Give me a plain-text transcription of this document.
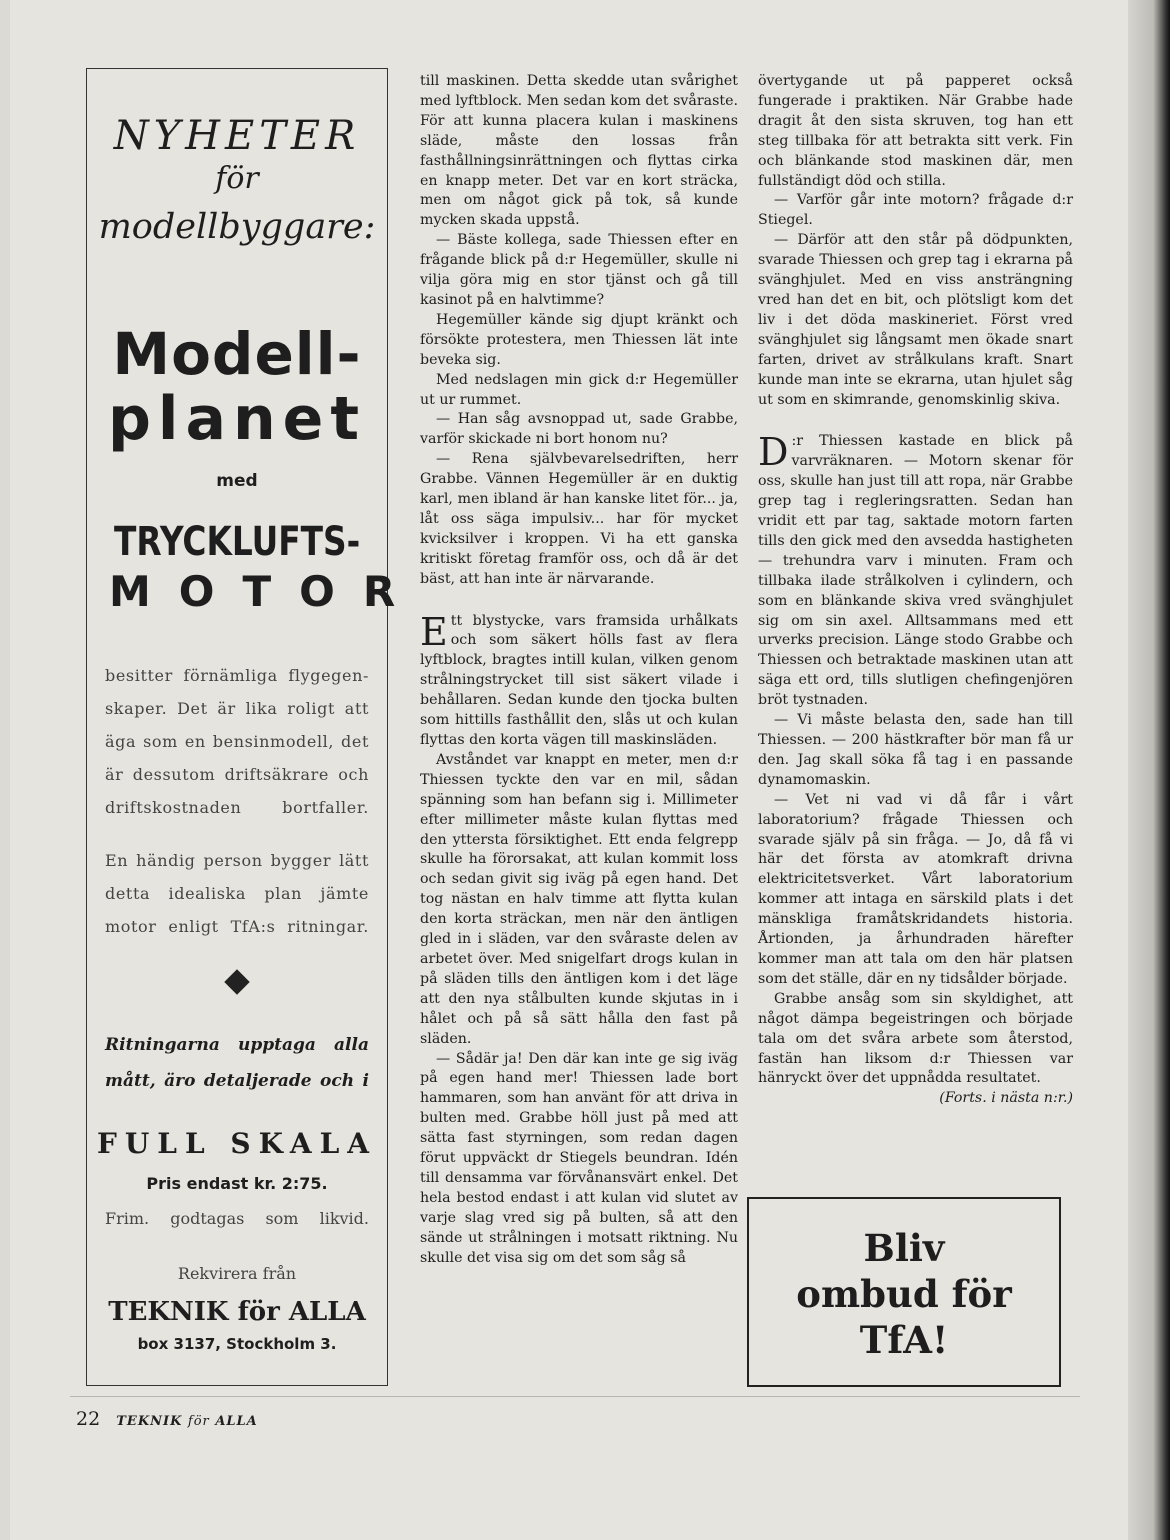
NYHETER
för
modellbyggare:
Modell-
planet
med
TRYCKLUFTS-
MOTOR
besitter förnämliga flygegen- skaper. Det är lika roligt att äga som en bensinmodell, det är dessutom driftsäkrare och driftskostnaden bortfaller.
En händig person bygger lätt detta idealiska plan jämte motor enligt TfA:s ritningar.
Ritningarna upptaga alla mått, äro detaljerade och i
FULL SKALA
Pris endast kr. 2:75.
Frim. godtagas som likvid.
Rekvirera från
TEKNIK för ALLA
box 3137, Stockholm 3.

till maskinen. Detta skedde utan svårighet med lyftblock. Men sedan kom det svåraste. För att kunna placera kulan i maskinens släde, måste den lossas från fasthållningsinrättningen och flyttas cirka en knapp meter. Det var en kort sträcka, men om något gick på tok, så kunde mycken skada uppstå.

— Bäste kollega, sade Thiessen efter en frågande blick på d:r Hegemüller, skulle ni vilja göra mig en stor tjänst och gå till kasinot på en halvtimme?

Hegemüller kände sig djupt kränkt och försökte protestera, men Thiessen lät inte beveka sig.

Med nedslagen min gick d:r Hegemüller ut ur rummet.

— Han såg avsnoppad ut, sade Grabbe, varför skickade ni bort honom nu?

— Rena självbevarelsedriften, herr Grabbe. Vännen Hegemüller är en duktig karl, men ibland är han kanske litet för... ja, låt oss säga impulsiv... har för mycket kvicksilver i kroppen. Vi ha ett ganska kritiskt företag framför oss, och då är det bäst, att han inte är närvarande.

Ett blystycke, vars framsida urhålkats och som säkert hölls fast av flera lyftblock, bragtes intill kulan, vilken genom strålningstrycket till sist säkert vilade i behållaren. Sedan kunde den tjocka bulten som hittills fasthållit den, slås ut och kulan flyttas den korta vägen till maskinsläden.

Avståndet var knappt en meter, men d:r Thiessen tyckte den var en mil, sådan spänning som han befann sig i. Millimeter efter millimeter måste kulan flyttas med den yttersta försiktighet. Ett enda felgrepp skulle ha förorsakat, att kulan kommit loss och sedan givit sig iväg på egen hand. Det tog nästan en halv timme att flytta kulan den korta sträckan, men när den äntligen gled in i släden, var den svåraste delen av arbetet över. Med snigelfart drogs kulan in på släden tills den äntligen kom i det läge att den nya stålbulten kunde skjutas in i hålet och på så sätt hålla den fast på släden.

— Sådär ja! Den där kan inte ge sig iväg på egen hand mer! Thiessen lade bort hammaren, som han använt för att driva in bulten med. Grabbe höll just på med att sätta fast styrningen, som redan dagen förut uppväckt dr Stiegels beundran. Idén till densamma var förvånansvärt enkel. Det hela bestod endast i att kulan vid slutet av varje slag vred sig på bulten, så att den sände ut strålningen i motsatt riktning. Nu skulle det visa sig om det som såg så

övertygande ut på papperet också fungerade i praktiken. När Grabbe hade dragit åt den sista skruven, tog han ett steg tillbaka för att betrakta sitt verk. Fin och blänkande stod maskinen där, men fullständigt död och stilla.

— Varför går inte motorn? frågade d:r Stiegel.

— Därför att den står på dödpunkten, svarade Thiessen och grep tag i ekrarna på svänghjulet. Med en viss ansträngning vred han det en bit, och plötsligt kom det liv i det döda maskineriet. Först vred svänghjulet sig långsamt men ökade snart farten, drivet av strålkulans kraft. Snart kunde man inte se ekrarna, utan hjulet såg ut som en skimrande, genomskinlig skiva.

D :r Thiessen kastade en blick på varvräknaren. — Motorn skenar för oss, skulle han just till att ropa, när Grabbe grep tag i regleringsratten. Sedan han vridit ett par tag, saktade motorn farten tills den gick med den avsedda hastigheten — trehundra varv i minuten. Fram och tillbaka ilade strålkolven i cylindern, och som en blänkande skiva vred svänghjulet sig om sin axel. Alltsammans med ett urverks precision. Länge stodo Grabbe och Thiessen och betraktade maskinen utan att säga ett ord, tills slutligen chefingenjören bröt tystnaden.

— Vi måste belasta den, sade han till Thiessen. — 200 hästkrafter bör man få ur den. Jag skall söka få tag i en passande dynamomaskin.

— Vet ni vad vi då får i vårt laboratorium? frågade Thiessen och svarade själv på sin fråga. — Jo, då få vi här det första av atomkraft drivna elektricitetsverket. Vårt laboratorium kommer att intaga en särskild plats i det mänskliga framåtskridandets historia. Årtionden, ja århundraden härefter kommer man att tala om den här platsen som det ställe, där en ny tidsålder började.

Grabbe ansåg som sin skyldighet, att något dämpa begeistringen och började tala om det svåra arbete som återstod, fastän han liksom d:r Thiessen var hänryckt över det uppnådda resultatet.

(Forts. i nästa n:r.)

Bliv
ombud för
TfA!
22 TEKNIK för ALLA
